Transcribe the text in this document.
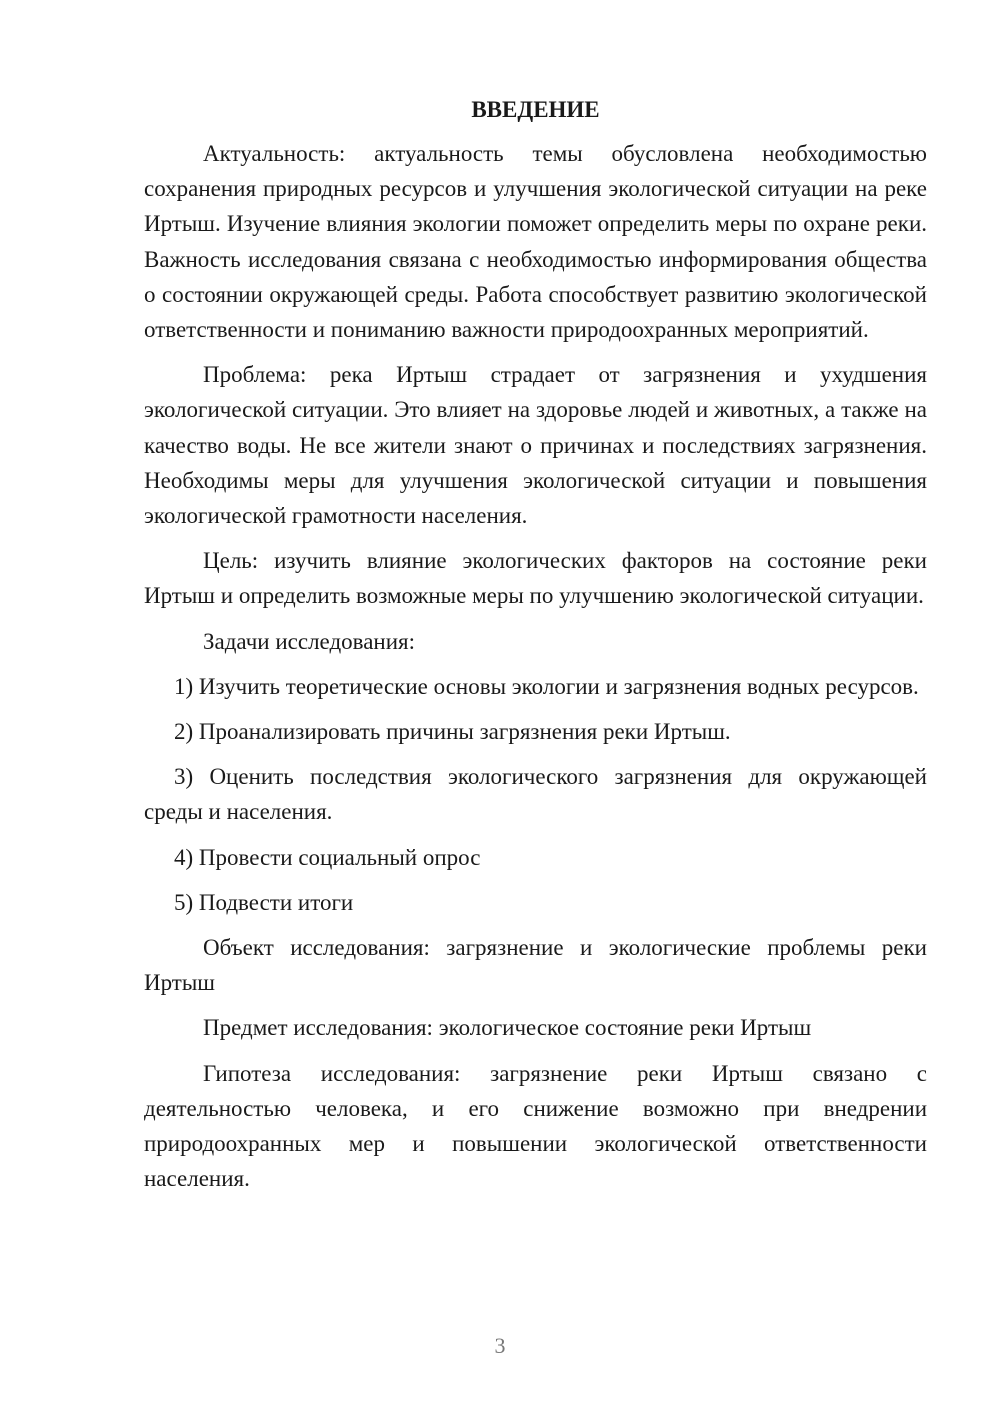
ВВЕДЕНИЕ

Актуальность: актуальность темы обусловлена необходимостью сохранения природных ресурсов и улучшения экологической ситуации на реке Иртыш. Изучение влияния экологии поможет определить меры по охране реки. Важность исследования связана с необходимостью информирования общества о состоянии окружающей среды. Работа способствует развитию экологической ответственности и пониманию важности природоохранных мероприятий.

Проблема: река Иртыш страдает от загрязнения и ухудшения экологической ситуации. Это влияет на здоровье людей и животных, а также на качество воды. Не все жители знают о причинах и последствиях загрязнения. Необходимы меры для улучшения экологической ситуации и повышения экологической грамотности населения.

Цель: изучить влияние экологических факторов на состояние реки Иртыш и определить возможные меры по улучшению экологической ситуации.

Задачи исследования:

1) Изучить теоретические основы экологии и загрязнения водных ресурсов.

2) Проанализировать причины загрязнения реки Иртыш.

3) Оценить последствия экологического загрязнения для окружающей среды и населения.

4) Провести социальный опрос

5) Подвести итоги

Объект исследования: загрязнение и экологические проблемы реки Иртыш

Предмет исследования: экологическое состояние реки Иртыш

Гипотеза исследования: загрязнение реки Иртыш связано с деятельностью человека, и его снижение возможно при внедрении природоохранных мер и повышении экологической ответственности населения.

3
